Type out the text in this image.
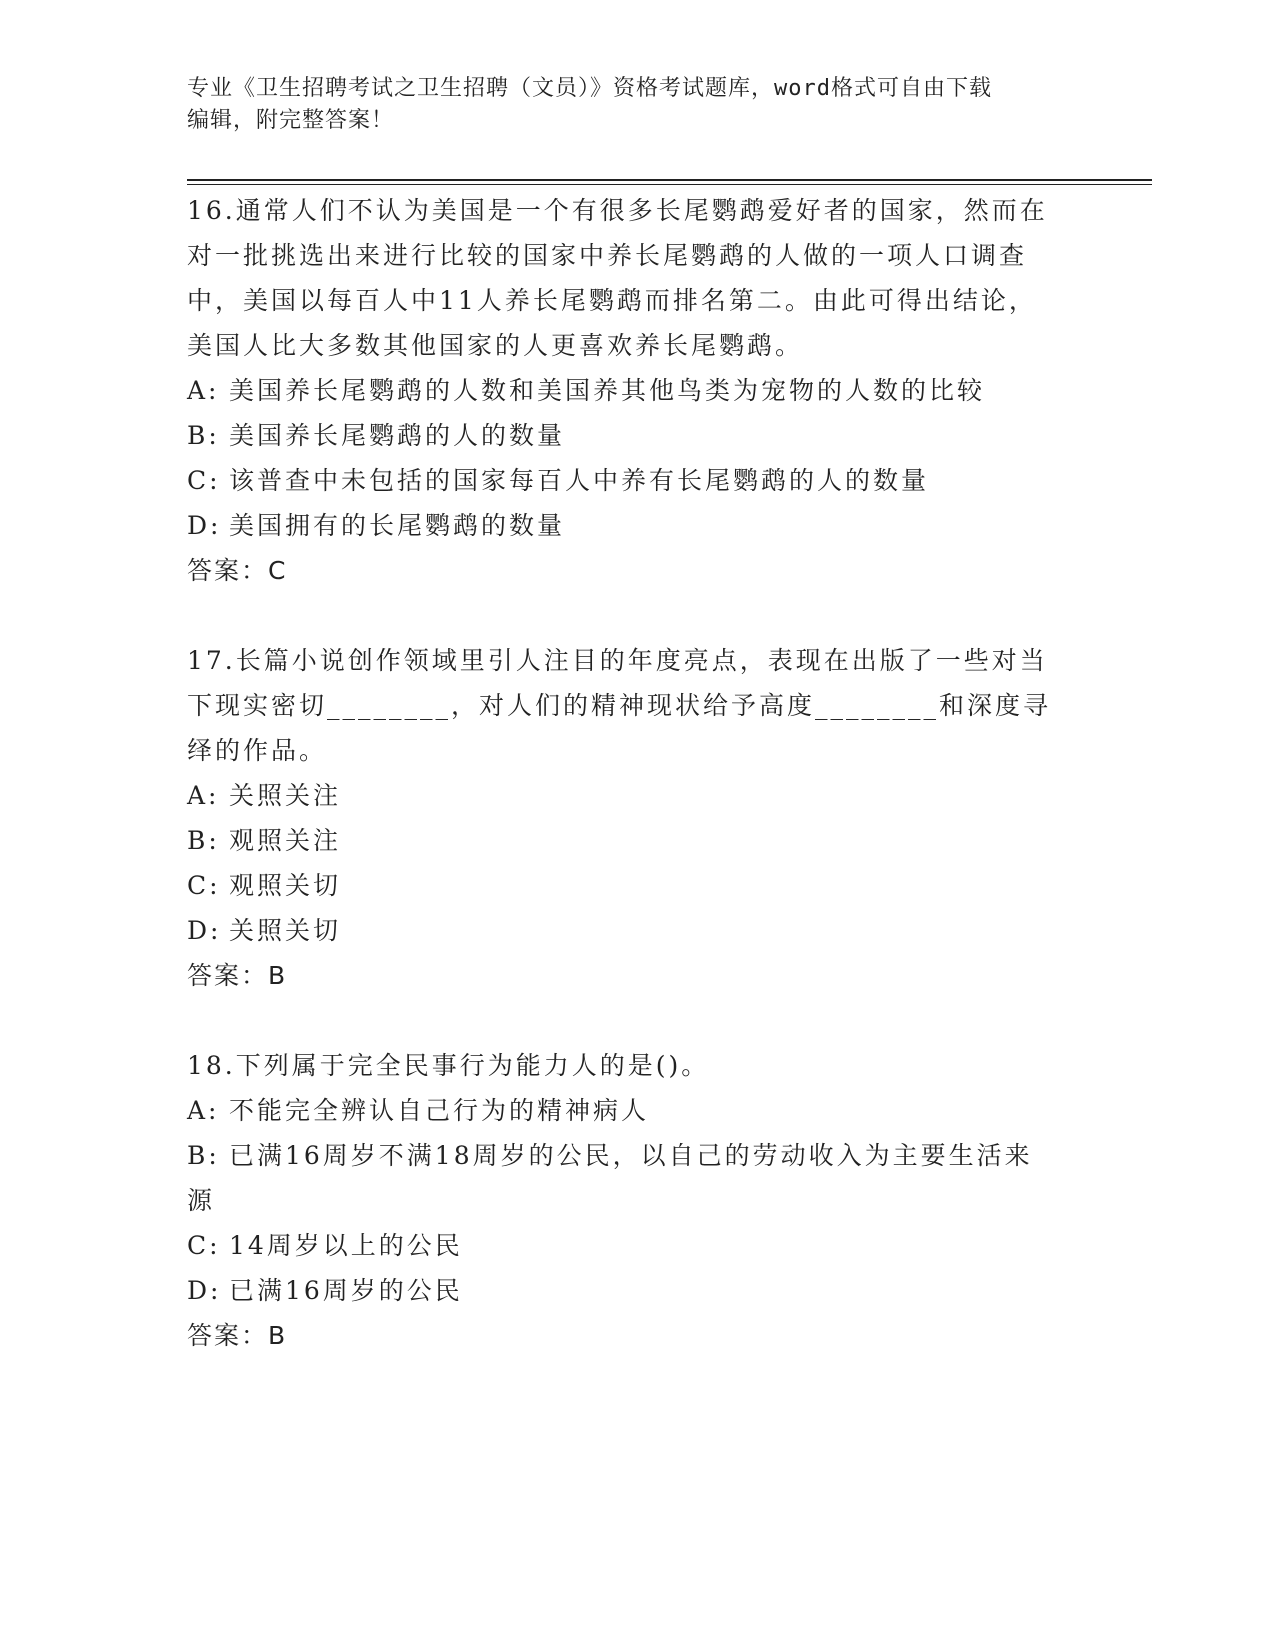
专业《卫生招聘考试之卫生招聘（文员）》资格考试题库，word格式可自由下载
编辑，附完整答案！
16.通常人们不认为美国是一个有很多长尾鹦鹉爱好者的国家，然而在
对一批挑选出来进行比较的国家中养长尾鹦鹉的人做的一项人口调查
中，美国以每百人中11人养长尾鹦鹉而排名第二。由此可得出结论，
美国人比大多数其他国家的人更喜欢养长尾鹦鹉。
A: 美国养长尾鹦鹉的人数和美国养其他鸟类为宠物的人数的比较
B: 美国养长尾鹦鹉的人的数量
C: 该普查中未包括的国家每百人中养有长尾鹦鹉的人的数量
D: 美国拥有的长尾鹦鹉的数量
答案：C
17.长篇小说创作领域里引人注目的年度亮点，表现在出版了一些对当
下现实密切________，对人们的精神现状给予高度________和深度寻
绎的作品。
A: 关照关注
B: 观照关注
C: 观照关切
D: 关照关切
答案：B
18.下列属于完全民事行为能力人的是()。
A: 不能完全辨认自己行为的精神病人
B: 已满16周岁不满18周岁的公民，以自己的劳动收入为主要生活来
源
C: 14周岁以上的公民
D: 已满16周岁的公民
答案：B
